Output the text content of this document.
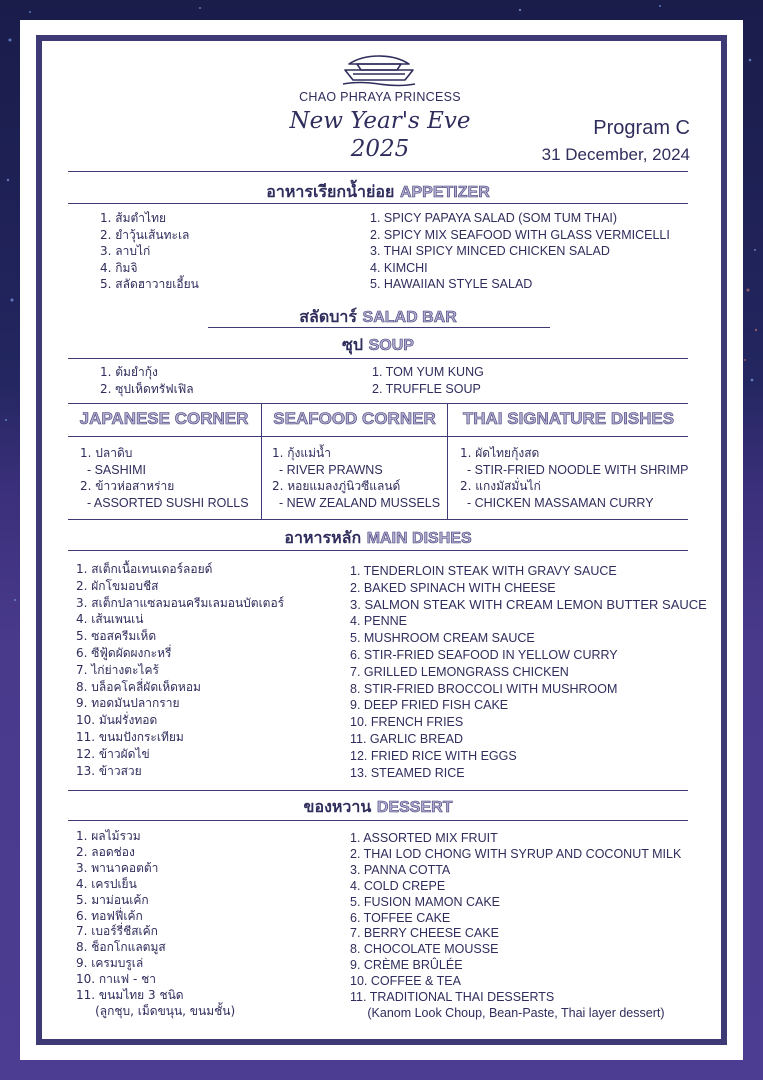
CHAO PHRAYA PRINCESS
New Year's Eve
2025
Program C
31 December, 2024
อาหารเรียกน้ำย่อย APPETIZER
1. ส้มตำไทย
2. ยำวุ้นเส้นทะเล
3. ลาบไก่
4. กิมจิ
5. สลัดฮาวายเอี้ยน
1. SPICY PAPAYA SALAD (SOM TUM THAI)
2. SPICY MIX SEAFOOD WITH GLASS VERMICELLI
3. THAI SPICY MINCED CHICKEN SALAD
4. KIMCHI
5. HAWAIIAN STYLE SALAD
สลัดบาร์ SALAD BAR
ซุป SOUP
1. ต้มยำกุ้ง
2. ซุปเห็ดทรัฟเฟิล
1. TOM YUM KUNG
2. TRUFFLE SOUP
JAPANESE CORNER	SEAFOOD CORNER	THAI SIGNATURE DISHES
1. ปลาดิบ
- SASHIMI
2. ข้าวห่อสาหร่าย
- ASSORTED SUSHI ROLLS
1. กุ้งแม่น้ำ
- RIVER PRAWNS
2. หอยแมลงภู่นิวซีแลนด์
- NEW ZEALAND MUSSELS
1. ผัดไทยกุ้งสด
- STIR-FRIED NOODLE WITH SHRIMP
2. แกงมัสมั่นไก่
- CHICKEN MASSAMAN CURRY
อาหารหลัก MAIN DISHES
1. สเต็กเนื้อเทนเดอร์ลอยด์
2. ผักโขมอบชีส
3. สเต็กปลาแซลมอนครีมเลมอนบัตเตอร์
4. เส้นเพนเน่
5. ซอสครีมเห็ด
6. ซีฟู้ดผัดผงกะหรี่
7. ไก่ย่างตะไคร้
8. บล็อคโคลี่ผัดเห็ดหอม
9. ทอดมันปลากราย
10. มันฝรั่งทอด
11. ขนมปังกระเทียม
12. ข้าวผัดไข่
13. ข้าวสวย
1. TENDERLOIN STEAK WITH GRAVY SAUCE
2. BAKED SPINACH WITH CHEESE
3. SALMON STEAK WITH CREAM LEMON BUTTER SAUCE
4. PENNE
5. MUSHROOM CREAM SAUCE
6. STIR-FRIED SEAFOOD IN YELLOW CURRY
7. GRILLED LEMONGRASS CHICKEN
8. STIR-FRIED BROCCOLI WITH MUSHROOM
9. DEEP FRIED FISH CAKE
10. FRENCH FRIES
11. GARLIC BREAD
12. FRIED RICE WITH EGGS
13. STEAMED RICE
ของหวาน DESSERT
1. ผลไม้รวม
2. ลอดช่อง
3. พานาคอตต้า
4. เครปเย็น
5. มาม่อนเค้ก
6. ทอฟฟี่เค้ก
7. เบอร์รี่ชีสเค้ก
8. ช็อกโกแลตมูส
9. เครมบรูเล่
10. กาแฟ - ชา
11. ขนมไทย 3 ชนิด
(ลูกชุบ, เม็ดขนุน, ขนมชั้น)
1. ASSORTED MIX FRUIT
2. THAI LOD CHONG WITH SYRUP AND COCONUT MILK
3. PANNA COTTA
4. COLD CREPE
5. FUSION MAMON CAKE
6. TOFFEE CAKE
7. BERRY CHEESE CAKE
8. CHOCOLATE MOUSSE
9. CRÈME BRÛLÉE
10. COFFEE & TEA
11. TRADITIONAL THAI DESSERTS
(Kanom Look Choup, Bean-Paste, Thai layer dessert)
